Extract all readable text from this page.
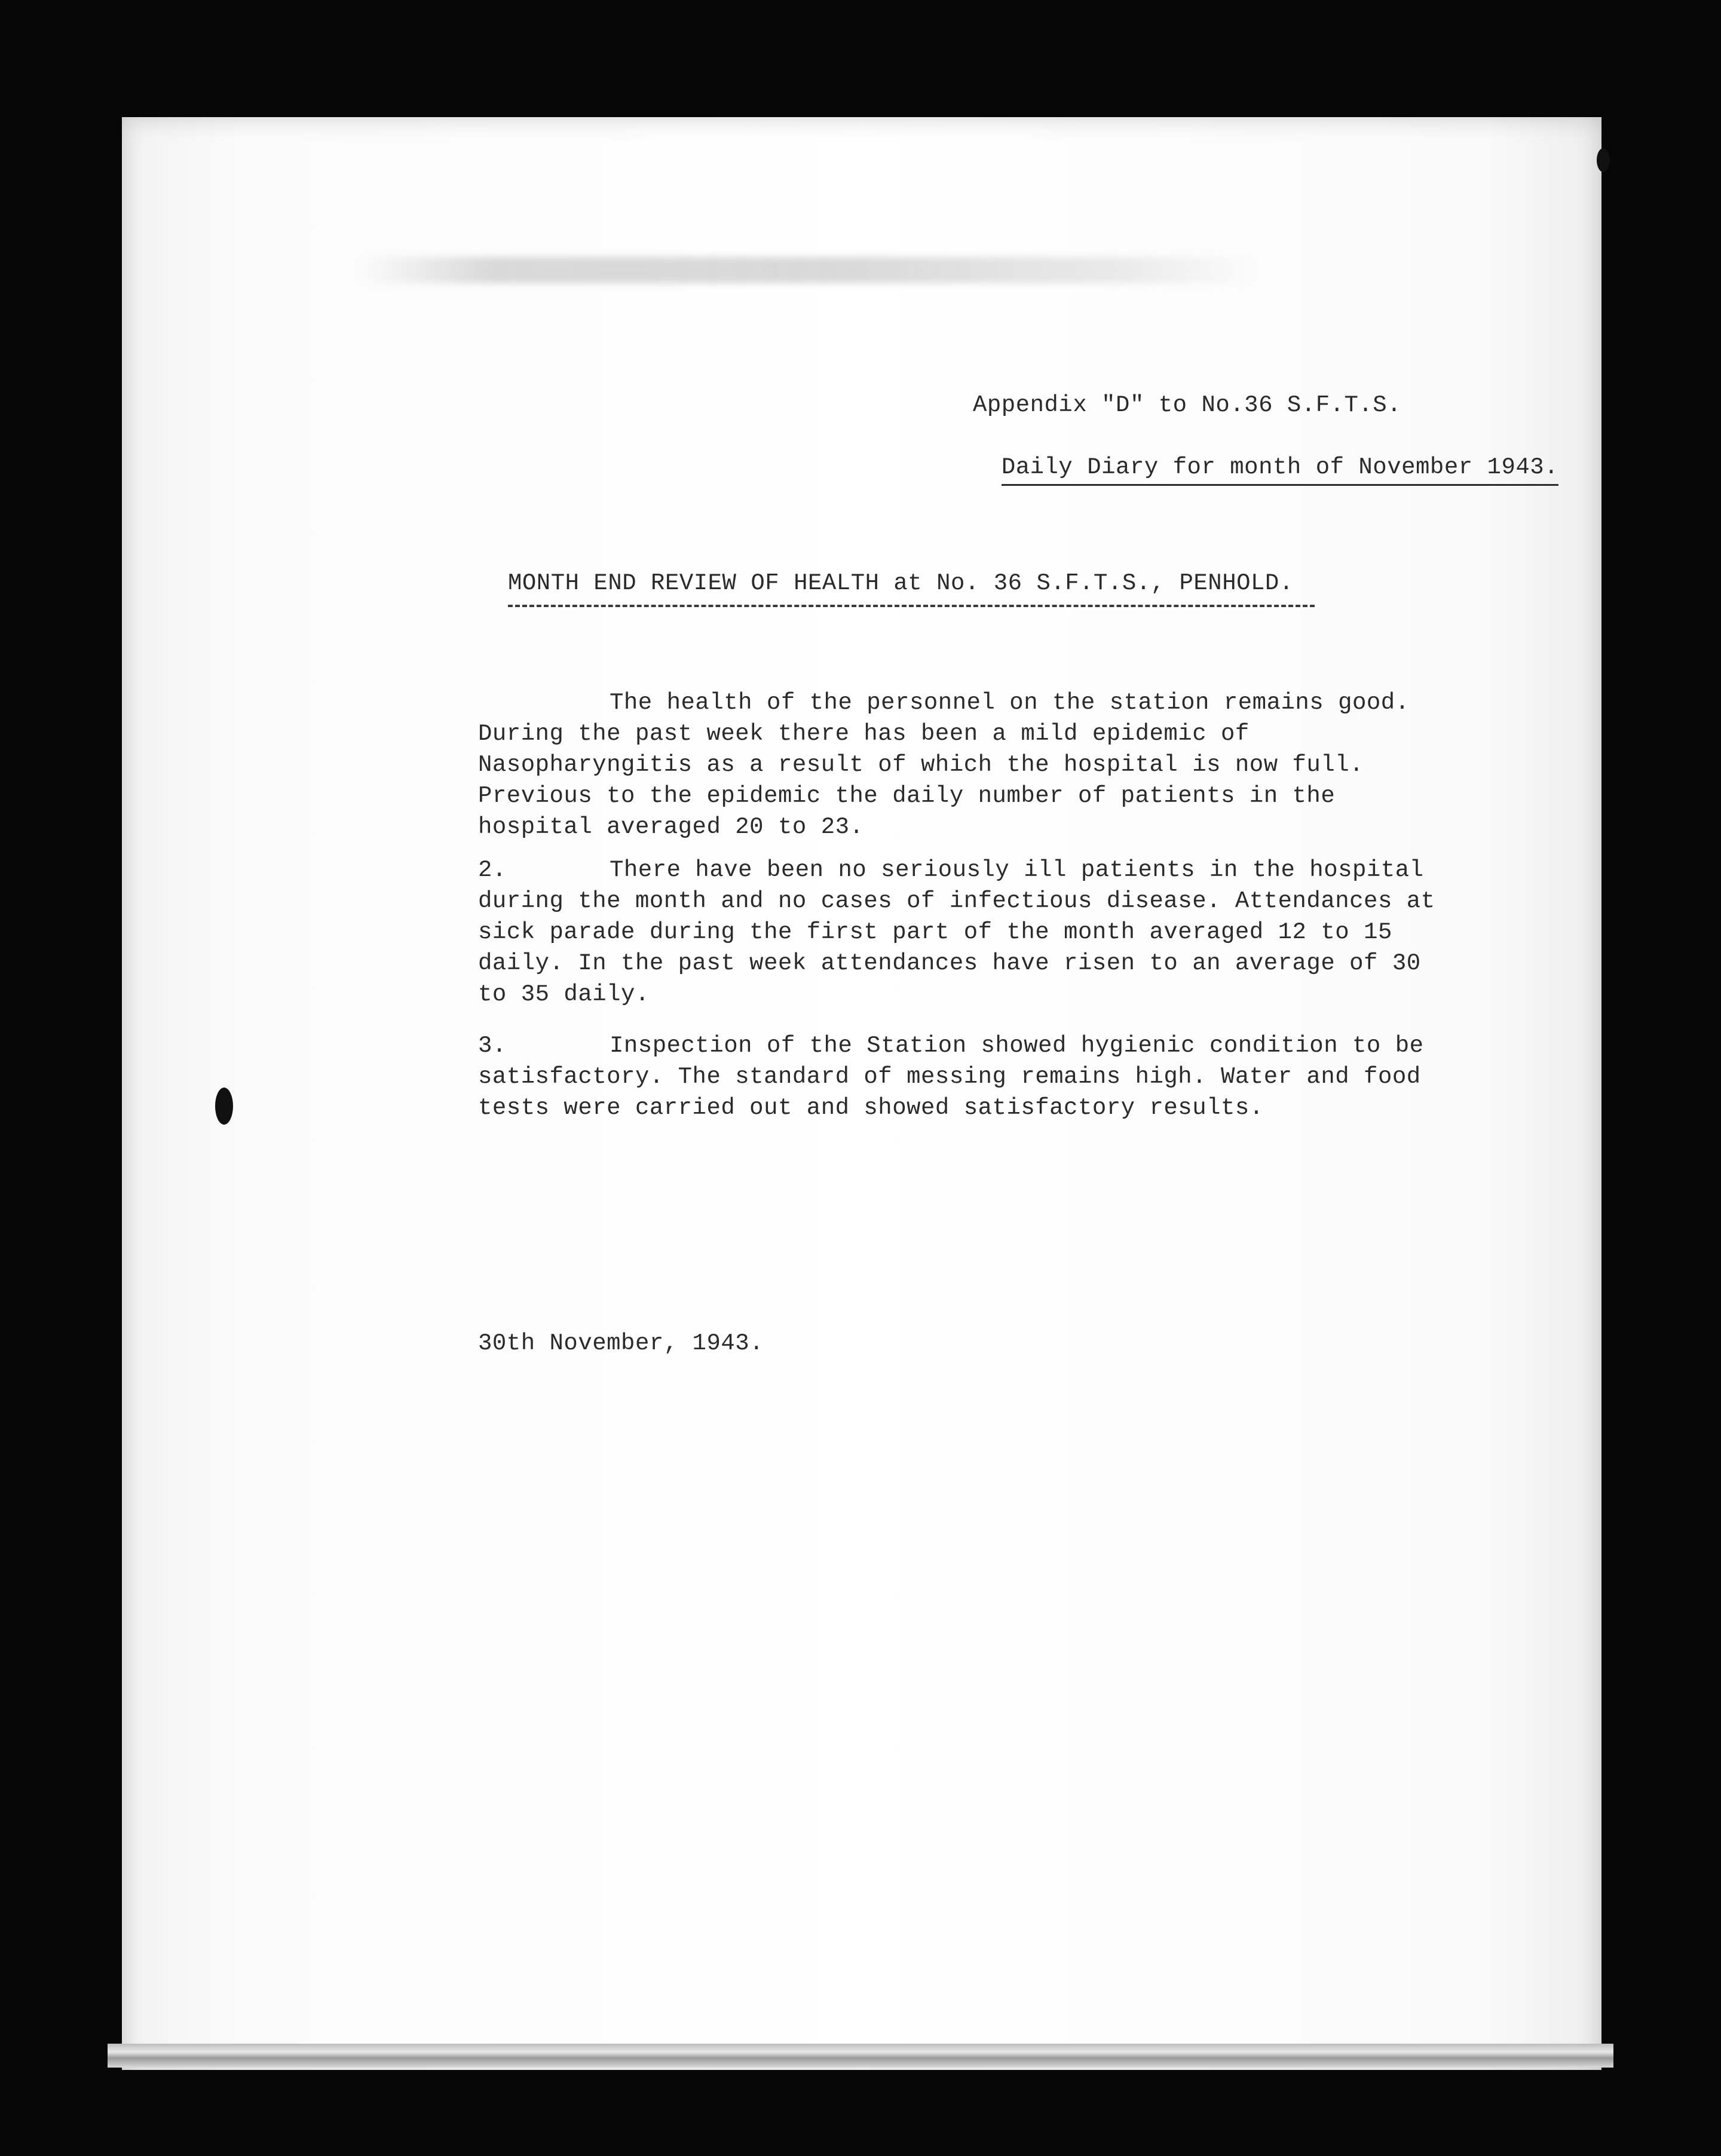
Appendix "D" to No.36 S.F.T.S.

Daily Diary for month of November 1943.

MONTH END REVIEW OF HEALTH at No. 36 S.F.T.S., PENHOLD.

The health of the personnel on the station remains good. During the past week there has been a mild epidemic of Nasopharyngitis as a result of which the hospital is now full. Previous to the epidemic the daily number of patients in the hospital averaged 20 to 23.

2.	There have been no seriously ill patients in the hospital during the month and no cases of infectious disease. Attendances at sick parade during the first part of the month averaged 12 to 15 daily. In the past week attendances have risen to an average of 30 to 35 daily.

3.	Inspection of the Station showed hygienic condition to be satisfactory. The standard of messing remains high. Water and food tests were carried out and showed satisfactory results.

30th November, 1943.
